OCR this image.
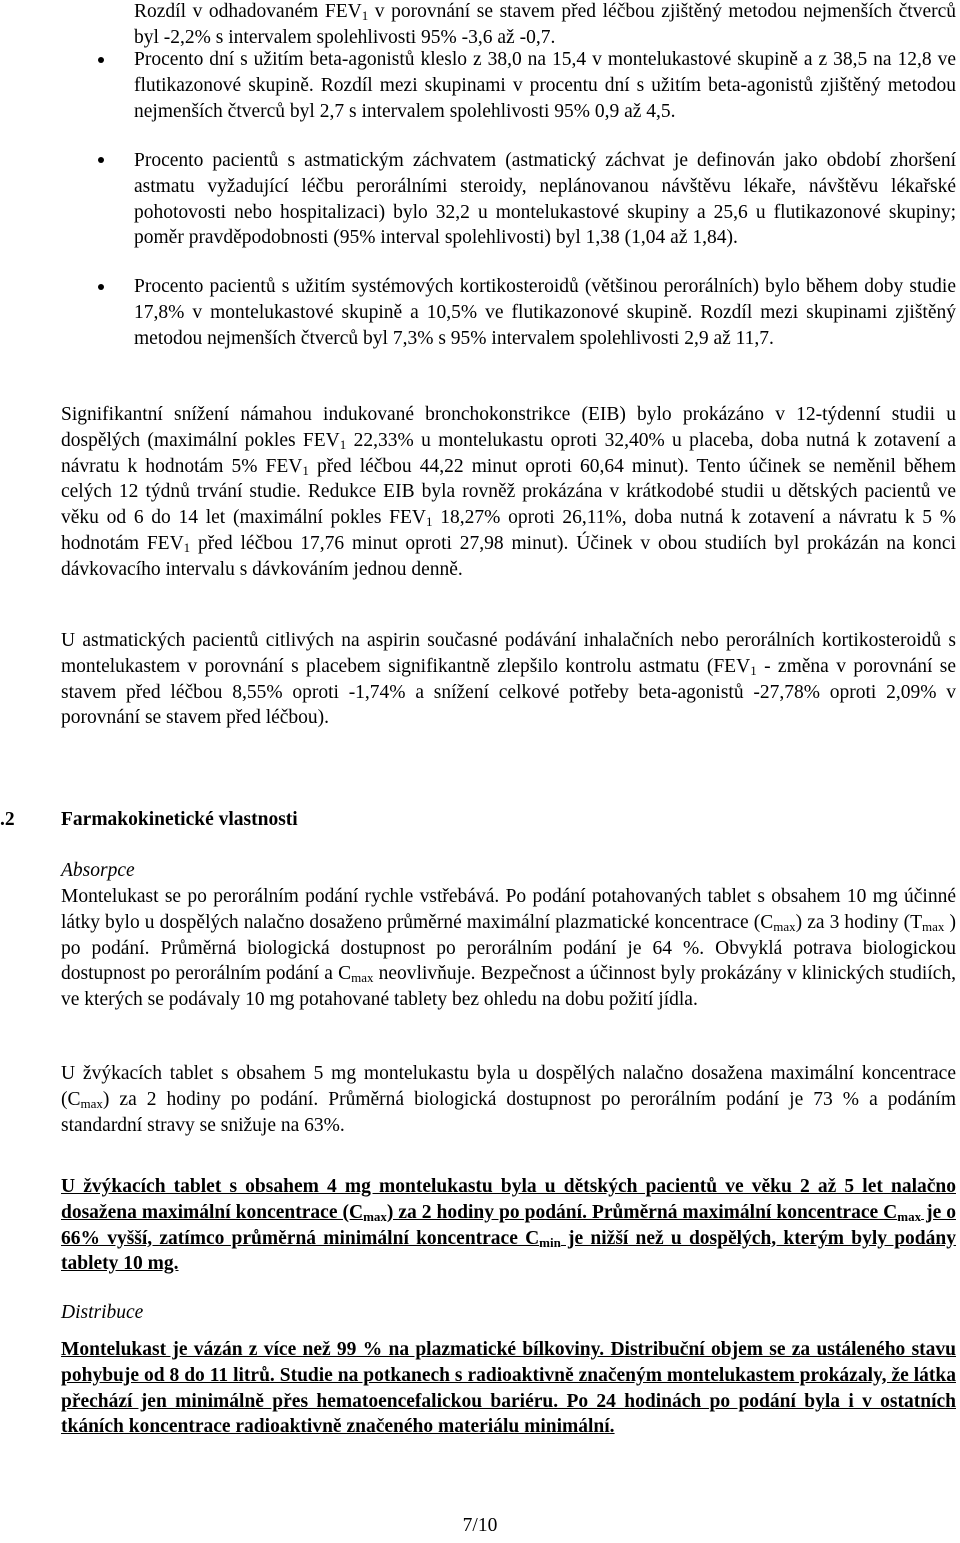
Rozdíl v odhadovaném $FEV_1$ v porovnání se stavem před léčbou zjištěný metodou nejmenších čtverců byl -2,2% s intervalem spolehlivosti 95% -3,6 až -0,7.
Procento dní s užitím beta-agonistů kleslo z 38,0 na 15,4 v montelukastové skupině a z 38,5 na 12,8 ve flutikazonové skupině. Rozdíl mezi skupinami v procentu dní s užitím beta-agonistů zjištěný metodou nejmenších čtverců byl 2,7 s intervalem spolehlivosti 95% 0,9 až 4,5.
Procento pacientů s astmatickým záchvatem (astmatický záchvat je definován jako období zhoršení astmatu vyžadující léčbu perorálními steroidy, neplánovanou návštěvu lékaře, návštěvu lékařské pohotovosti nebo hospitalizaci) bylo 32,2 u montelukastové skupiny a 25,6 u flutikazonové skupiny; poměr pravděpodobnosti (95% interval spolehlivosti) byl 1,38 (1,04 až 1,84).
Procento pacientů s užitím systémových kortikosteroidů (většinou perorálních) bylo během doby studie 17,8% v montelukastové skupině a 10,5% ve flutikazonové skupině. Rozdíl mezi skupinami zjištěný metodou nejmenších čtverců byl 7,3% s 95% intervalem spolehlivosti 2,9 až 11,7.
Signifikantní snížení námahou indukované bronchokonstrikce (EIB) bylo prokázáno v 12-týdenní studii u dospělých (maximální pokles $FEV_1$ 22,33% u montelukastu oproti 32,40% u placeba, doba nutná k zotavení a návratu k hodnotám 5% $FEV_1$ před léčbou 44,22 minut oproti 60,64 minut). Tento účinek se neměnil během celých 12 týdnů trvání studie. Redukce EIB byla rovněž prokázána v krátkodobé studii u dětských pacientů ve věku od 6 do 14 let (maximální pokles $FEV_1$ 18,27% oproti 26,11%, doba nutná k zotavení a návratu k 5 % hodnotám $FEV_1$ před léčbou 17,76 minut oproti 27,98 minut). Účinek v obou studiích byl prokázán na konci dávkovacího intervalu s dávkováním jednou denně.
U astmatických pacientů citlivých na aspirin současné podávání inhalačních nebo perorálních kortikosteroidů s montelukastem v porovnání s placebem signifikantně zlepšilo kontrolu astmatu ($FEV_1$ - změna v porovnání se stavem před léčbou 8,55% oproti -1,74% a snížení celkové potřeby beta-agonistů -27,78% oproti 2,09% v porovnání se stavem před léčbou).
.2 Farmakokinetické vlastnosti
Absorpce
Montelukast se po perorálním podání rychle vstřebává. Po podání potahovaných tablet s obsahem 10 mg účinné látky bylo u dospělých nalačno dosaženo průměrné maximální plazmatické koncentrace $(C_{max})$ za 3 hodiny ($T_{max}$ ) po podání. Průměrná biologická dostupnost po perorálním podání je 64 %. Obvyklá potrava biologickou dostupnost po perorálním podání a $C_{max}$ neovlivňuje. Bezpečnost a účinnost byly prokázány v klinických studiích, ve kterých se podávaly 10 mg potahované tablety bez ohledu na dobu požití jídla.
U žvýkacích tablet s obsahem 5 mg montelukastu byla u dospělých nalačno dosažena maximální koncentrace $(C_{max})$ za 2 hodiny po podání. Průměrná biologická dostupnost po perorálním podání je 73 % a podáním standardní stravy se snižuje na 63%.
U žvýkacích tablet s obsahem 4 mg montelukastu byla u dětských pacientů ve věku 2 až 5 let nalačno dosažena maximální koncentrace $(C_{max})$ za 2 hodiny po podání. Průměrná maximální koncentrace $C_{max}$ je o 66% vyšší, zatímco průměrná minimální koncentrace $C_{min}$ je nižší než u dospělých, kterým byly podány tablety 10 mg.
Distribuce
Montelukast je vázán z více než 99 % na plazmatické bílkoviny. Distribuční objem se za ustáleného stavu pohybuje od 8 do 11 litrů. Studie na potkanech s radioaktivně značeným montelukastem prokázaly, že látka přechází jen minimálně přes hematoencefalickou bariéru. Po 24 hodinách po podání byla i v ostatních tkáních koncentrace radioaktivně značeného materiálu minimální.
7/10
